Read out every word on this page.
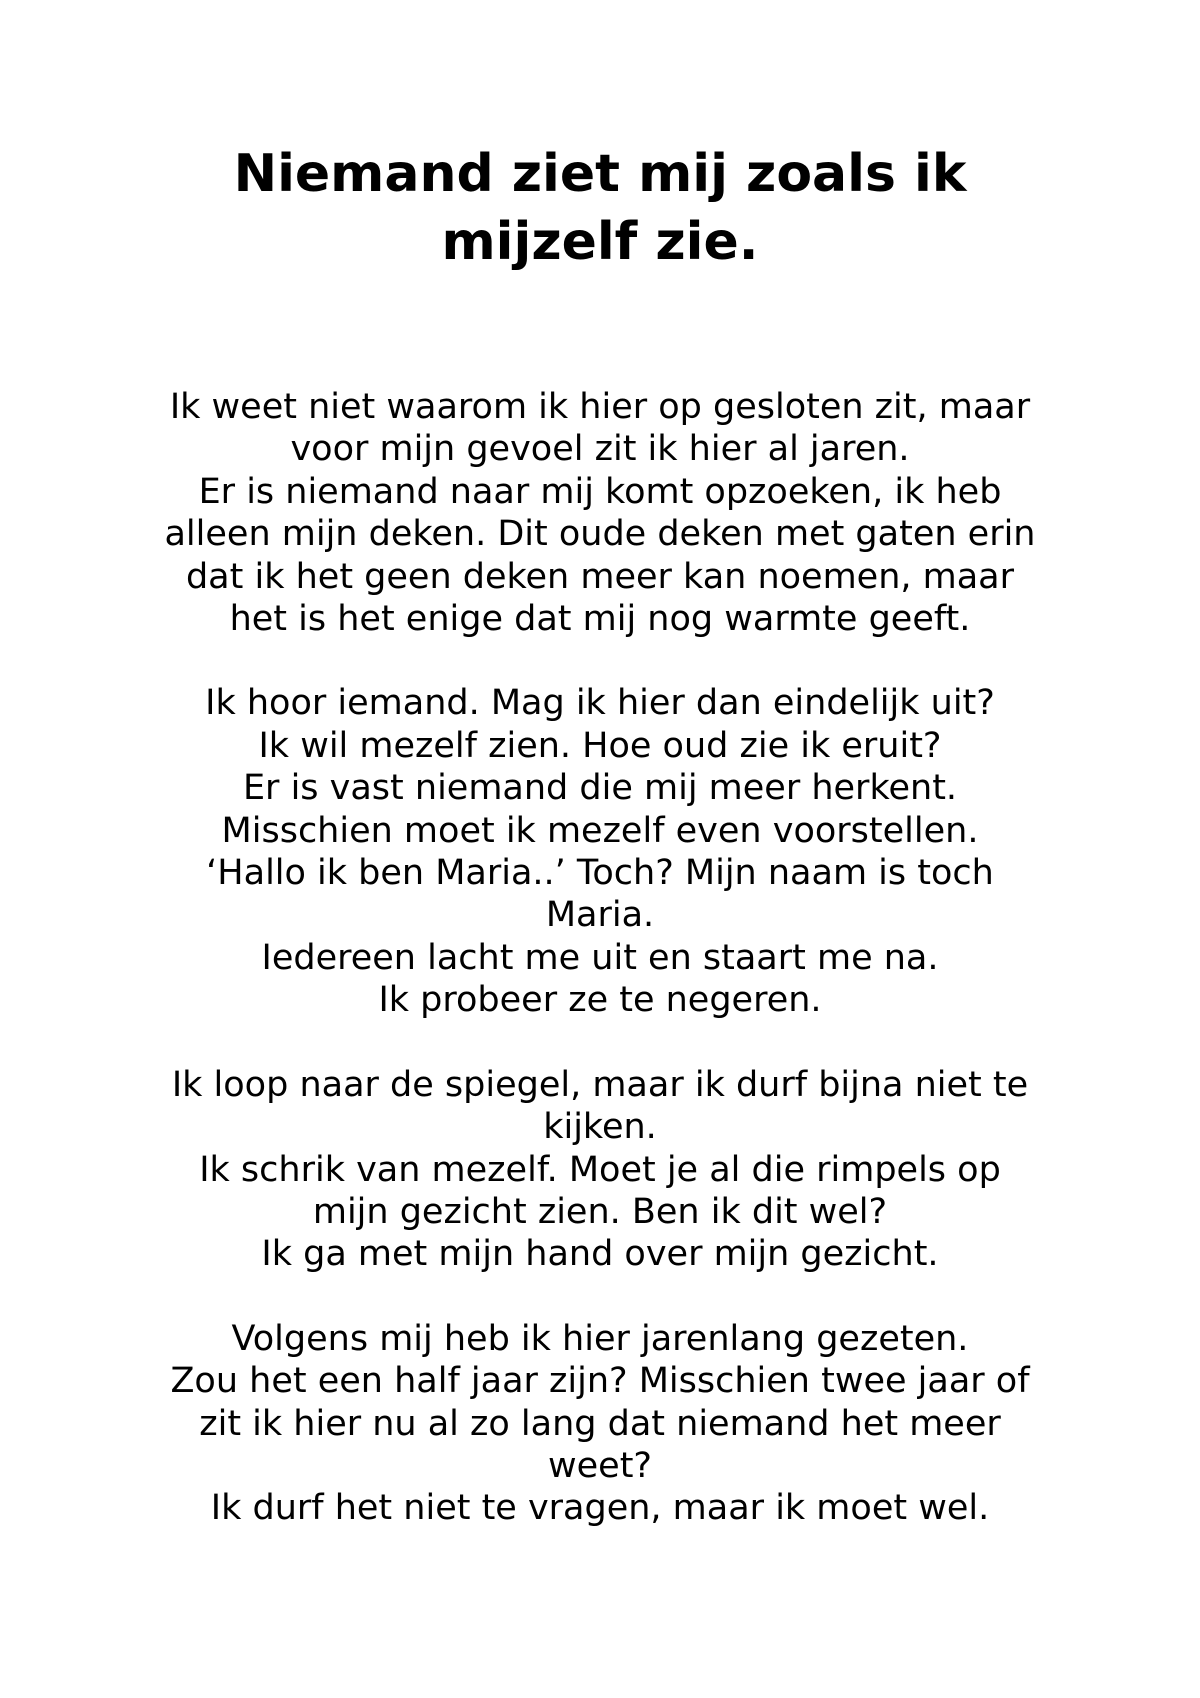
Niemand ziet mij zoals ik
mijzelf zie.
Ik weet niet waarom ik hier op gesloten zit, maar
voor mijn gevoel zit ik hier al jaren.
Er is niemand naar mij komt opzoeken, ik heb
alleen mijn deken. Dit oude deken met gaten erin
dat ik het geen deken meer kan noemen, maar
het is het enige dat mij nog warmte geeft.
Ik hoor iemand. Mag ik hier dan eindelijk uit?
Ik wil mezelf zien. Hoe oud zie ik eruit?
Er is vast niemand die mij meer herkent.
Misschien moet ik mezelf even voorstellen.
‘Hallo ik ben Maria..’ Toch? Mijn naam is toch
Maria.
Iedereen lacht me uit en staart me na.
Ik probeer ze te negeren.
Ik loop naar de spiegel, maar ik durf bijna niet te
kijken.
Ik schrik van mezelf. Moet je al die rimpels op
mijn gezicht zien. Ben ik dit wel?
Ik ga met mijn hand over mijn gezicht.
Volgens mij heb ik hier jarenlang gezeten.
Zou het een half jaar zijn? Misschien twee jaar of
zit ik hier nu al zo lang dat niemand het meer
weet?
Ik durf het niet te vragen, maar ik moet wel.
